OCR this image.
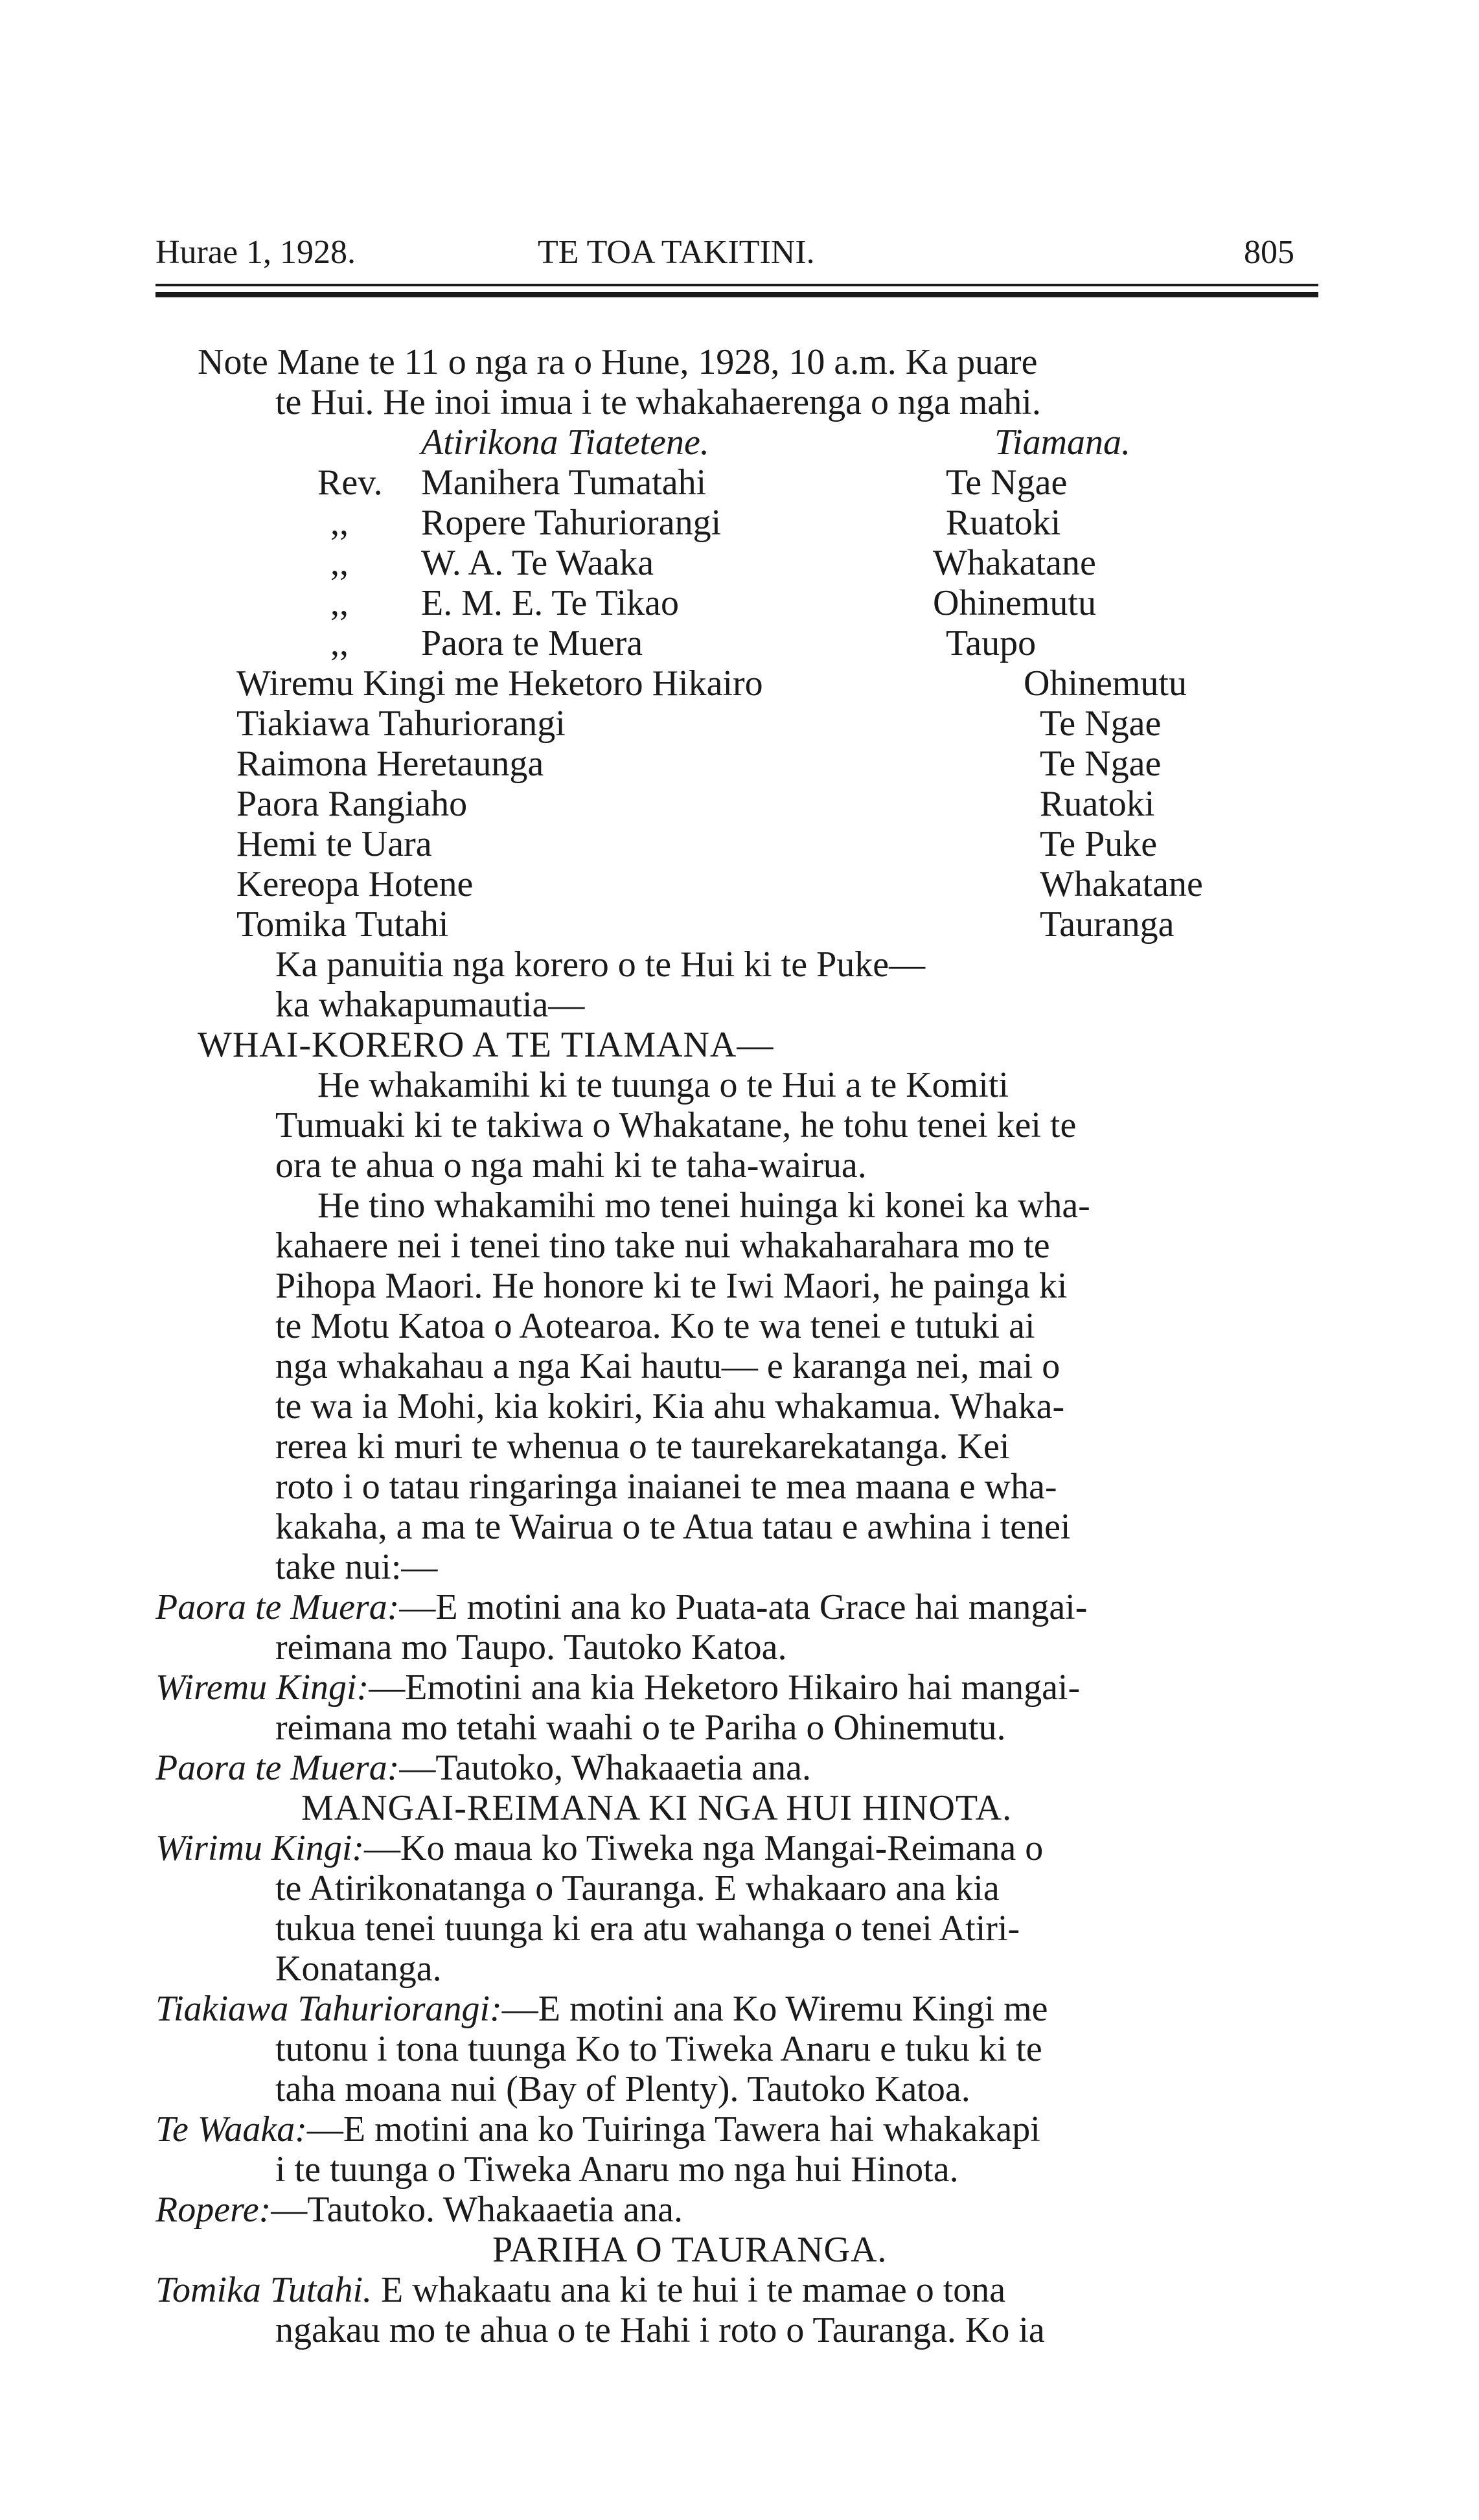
Hurae 1, 1928.	TE TOA TAKITINI.	805
Note Mane te 11 o nga ra o Hune, 1928, 10 a.m. Ka puare
te Hui. He inoi imua i te whakahaerenga o nga mahi.
Atirikona Tiatetene.	Tiamana.
Rev. Manihera Tumatahi	Te Ngae
,, Ropere Tahuriorangi	Ruatoki
,, W. A. Te Waaka	Whakatane
,, E. M. E. Te Tikao	Ohinemutu
,, Paora te Muera	Taupo
Wiremu Kingi me Heketoro Hikairo	Ohinemutu
Tiakiawa Tahuriorangi	Te Ngae
Raimona Heretaunga	Te Ngae
Paora Rangiaho	Ruatoki
Hemi te Uara	Te Puke
Kereopa Hotene	Whakatane
Tomika Tutahi	Tauranga
Ka panuitia nga korero o te Hui ki te Puke—
ka whakapumautia—
WHAI-KORERO A TE TIAMANA—
He whakamihi ki te tuunga o te Hui a te Komiti
Tumuaki ki te takiwa o Whakatane, he tohu tenei kei te
ora te ahua o nga mahi ki te taha-wairua.
He tino whakamihi mo tenei huinga ki konei ka wha-
kahaere nei i tenei tino take nui whakaharahara mo te
Pihopa Maori. He honore ki te Iwi Maori, he painga ki
te Motu Katoa o Aotearoa. Ko te wa tenei e tutuki ai
nga whakahau a nga Kai hautu— e karanga nei, mai o
te wa ia Mohi, kia kokiri, Kia ahu whakamua. Whaka-
rerea ki muri te whenua o te taurekarekatanga. Kei
roto i o tatau ringaringa inaianei te mea maana e wha-
kakaha, a ma te Wairua o te Atua tatau e awhina i tenei
take nui:—
Paora te Muera:—E motini ana ko Puata-ata Grace hai mangai-
reimana mo Taupo. Tautoko Katoa.
Wiremu Kingi:—Emotini ana kia Heketoro Hikairo hai mangai-
reimana mo tetahi waahi o te Pariha o Ohinemutu.
Paora te Muera:—Tautoko, Whakaaetia ana.
MANGAI-REIMANA KI NGA HUI HINOTA.
Wirimu Kingi:—Ko maua ko Tiweka nga Mangai-Reimana o
te Atirikonatanga o Tauranga. E whakaaro ana kia
tukua tenei tuunga ki era atu wahanga o tenei Atiri-
Konatanga.
Tiakiawa Tahuriorangi:—E motini ana Ko Wiremu Kingi me
tutonu i tona tuunga Ko to Tiweka Anaru e tuku ki te
taha moana nui (Bay of Plenty). Tautoko Katoa.
Te Waaka:—E motini ana ko Tuiringa Tawera hai whakakapi
i te tuunga o Tiweka Anaru mo nga hui Hinota.
Ropere:—Tautoko. Whakaaetia ana.
PARIHA O TAURANGA.
Tomika Tutahi. E whakaatu ana ki te hui i te mamae o tona
ngakau mo te ahua o te Hahi i roto o Tauranga. Ko ia
